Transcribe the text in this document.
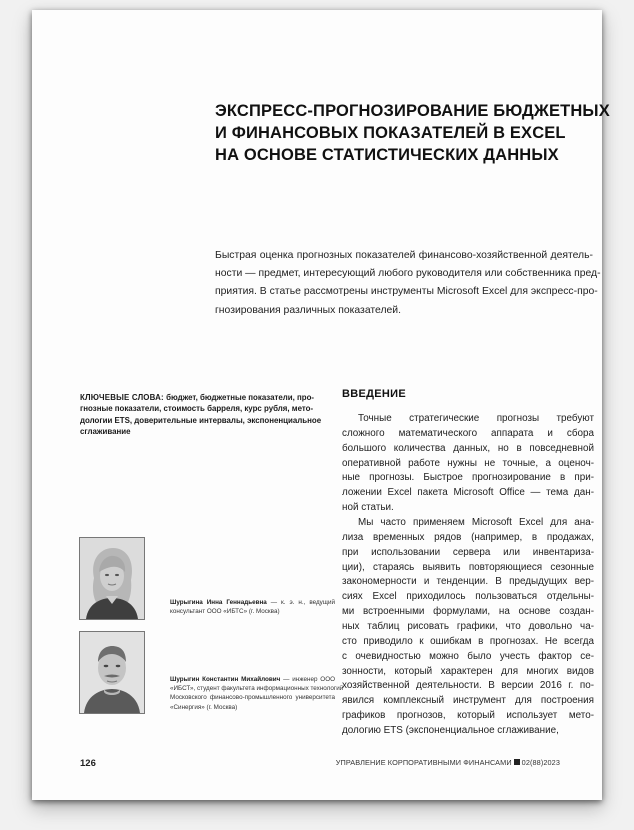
ЭКСПРЕСС-ПРОГНОЗИРОВАНИЕ БЮДЖЕТНЫХ
И ФИНАНСОВЫХ ПОКАЗАТЕЛЕЙ В EXCEL
НА ОСНОВЕ СТАТИСТИЧЕСКИХ ДАННЫХ
Быстрая оценка прогнозных показателей финансово-хозяйственной деятель-
ности — предмет, интересующий любого руководителя или собственника пред-
приятия. В статье рассмотрены инструменты Microsoft Excel для экспресс-про-
гнозирования различных показателей.
КЛЮЧЕВЫЕ СЛОВА: бюджет, бюджетные показатели, про-
гнозные показатели, стоимость барреля, курс рубля, мето-
дологии ETS, доверительные интервалы, экспоненциальное
сглаживание
Шурыгина Инна Геннадьевна — к. э. н., ведущий
консультант ООО «ИБТС» (г. Москва)
Шурыгин Константин Михайлович — инженер ООО
«ИБСТ», студент факультета информационных технологий
Московского финансово-промышленного университета
«Синергия» (г. Москва)
ВВЕДЕНИЕ
Точные стратегические прогнозы требуют
сложного математического аппарата и сбора
большого количества данных, но в повседневной
оперативной работе нужны не точные, а оценоч-
ные прогнозы. Быстрое прогнозирование в при-
ложении Excel пакета Microsoft Office — тема дан-
ной статьи.
Мы часто применяем Microsoft Excel для ана-
лиза временных рядов (например, в продажах,
при использовании сервера или инвентариза-
ции), стараясь выявить повторяющиеся сезонные
закономерности и тенденции. В предыдущих вер-
сиях Excel приходилось пользоваться отдельны-
ми встроенными формулами, на основе создан-
ных таблиц рисовать графики, что довольно ча-
сто приводило к ошибкам в прогнозах. Не всегда
с очевидностью можно было учесть фактор се-
зонности, который характерен для многих видов
хозяйственной деятельности. В версии 2016 г. по-
явился комплексный инструмент для построения
графиков прогнозов, который использует мето-
дологию ETS (экспоненциальное сглаживание,

126	УПРАВЛЕНИЕ КОРПОРАТИВНЫМИ ФИНАНСАМИ 02(88)2023
